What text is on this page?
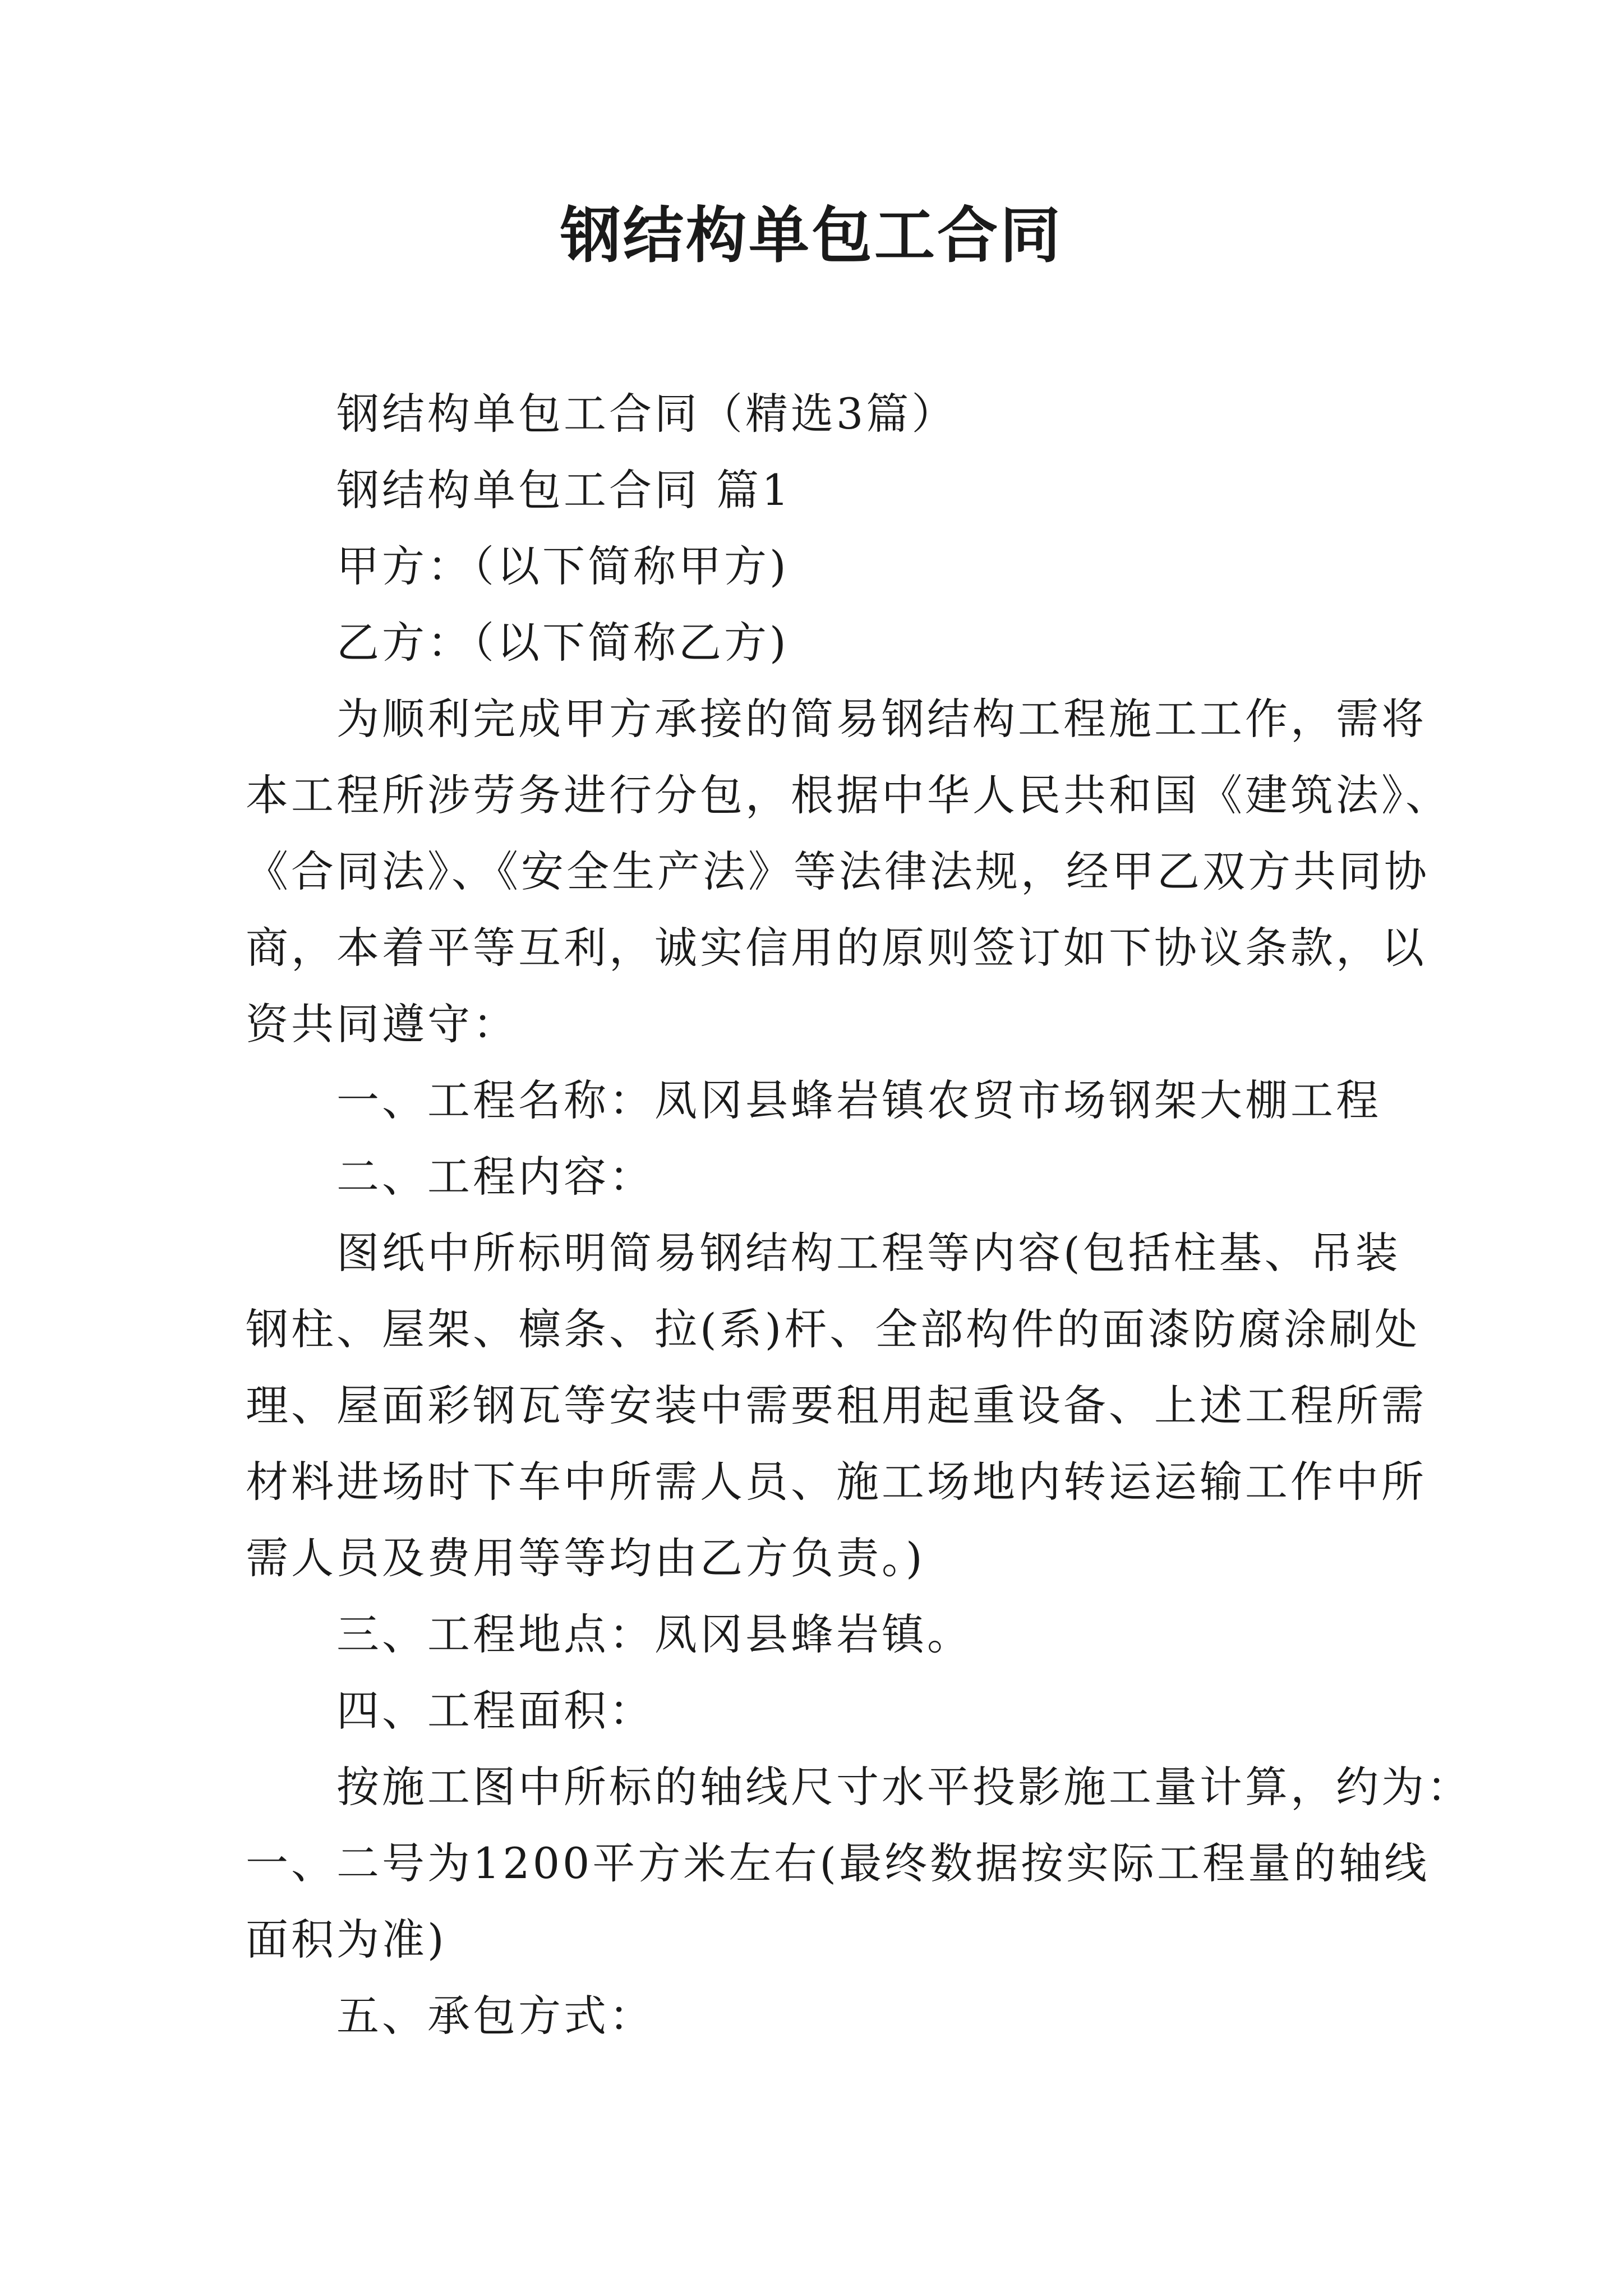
钢结构单包工合同

钢结构单包工合同（精选3篇）

钢结构单包工合同 篇1

甲方：（以下简称甲方)

乙方：（以下简称乙方)

为顺利完成甲方承接的简易钢结构工程施工工作，需将

本工程所涉劳务进行分包，根据中华人民共和国《建筑法》、

《合同法》、《安全生产法》等法律法规，经甲乙双方共同协

商，本着平等互利，诚实信用的原则签订如下协议条款，以

资共同遵守：

一、工程名称：凤冈县蜂岩镇农贸市场钢架大棚工程

二、工程内容：

图纸中所标明简易钢结构工程等内容(包括柱基、吊装

钢柱、屋架、檩条、拉(系)杆、全部构件的面漆防腐涂刷处

理、屋面彩钢瓦等安装中需要租用起重设备、上述工程所需

材料进场时下车中所需人员、施工场地内转运运输工作中所

需人员及费用等等均由乙方负责。)

三、工程地点：凤冈县蜂岩镇。

四、工程面积：

按施工图中所标的轴线尺寸水平投影施工量计算，约为：

一、二号为1200平方米左右(最终数据按实际工程量的轴线

面积为准)

五、承包方式：
